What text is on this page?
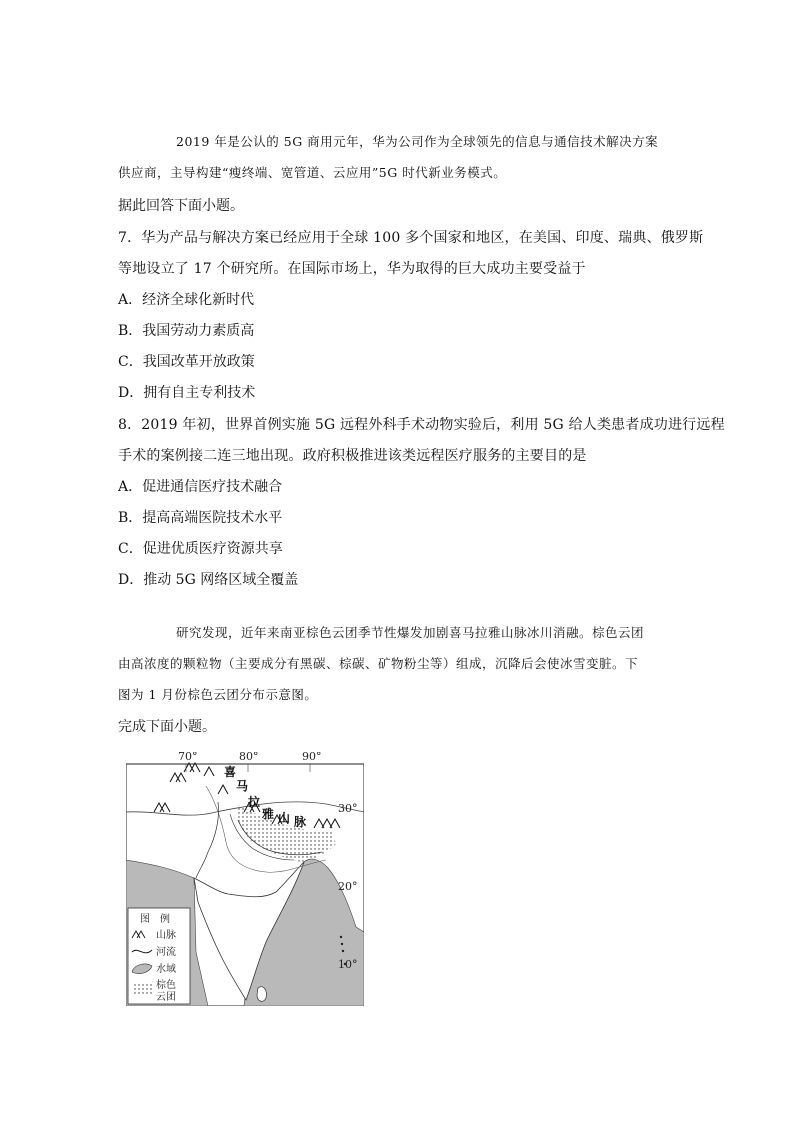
2019 年是公认的 5G 商用元年，华为公司作为全球领先的信息与通信技术解决方案
供应商，主导构建“瘦终端、宽管道、云应用”5G 时代新业务模式。
据此回答下面小题。
7．华为产品与解决方案已经应用于全球 100 多个国家和地区，在美国、印度、瑞典、俄罗斯
等地设立了 17 个研究所。在国际市场上，华为取得的巨大成功主要受益于
A．经济全球化新时代
B．我国劳动力素质高
C．我国改革开放政策
D．拥有自主专利技术
8．2019 年初，世界首例实施 5G 远程外科手术动物实验后，利用 5G 给人类患者成功进行远程
手术的案例接二连三地出现。政府积极推进该类远程医疗服务的主要目的是
A．促进通信医疗技术融合
B．提高高端医院技术水平
C．促进优质医疗资源共享
D．推动 5G 网络区域全覆盖
研究发现，近年来南亚棕色云团季节性爆发加剧喜马拉雅山脉冰川消融。棕色云团
由高浓度的颗粒物（主要成分有黑碳、棕碳、矿物粉尘等）组成，沉降后会使冰雪变脏。下
图为 1 月份棕色云团分布示意图。
完成下面小题。
70°	80°	90°
喜
马
拉
雅 山 脉
30°
20°
10°
图　例
山脉
河流
水域
棕色
云团
